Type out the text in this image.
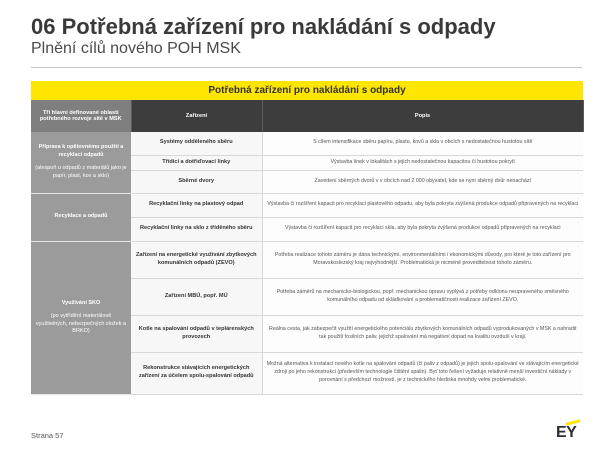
06 Potřebná zařízení pro nakládání s odpady
Plnění cílů nového POH MSK
Potřebná zařízení pro nakládání s odpady
Tři hlavní definované oblasti potřebného rozvoje sítě v MSK	Zařízení	Popis

Příprava k opětovnému použití a recyklaci odpadů
(alespoň u odpadů z materiálů jako je papír, plast, kov a sklo)	Systémy odděleného sběru	S cílem intensifikace sběru papíru, plastu, kovů a skla v obcích s nedostatečnou hustotou sítě
	Třídicí a dotřiďovací linky	Výstavba linek v lokalitách s jejich nedostatečnou kapacitou či hustotou pokrytí
	Sběrné dvory	Zavedení sběrných dvorů v v obcích nad 2 000 obyvatel, kde se nyní sběrný dvůr nenachází

Recyklace a odpadů	Recyklační linky na plastový odpad	Výstavba či rozšíření kapacit pro recyklaci plastového odpadu, aby byla pokryta zvýšená produkce odpadů připravených na recyklaci
	Recyklační linky na sklo z tříděného sběru	Výstavba či rozšíření kapacit pro recyklaci skla, aby byla pokryta zvýšená produkce odpadů připravených na recyklaci

Využívání SKO
(po vytřídění materiálově využitelných, nebezpečných složek a BRKO)	Zařízení na energetické využívání zbytkových komunálních odpadů (ZEVO)	Potřeba realizace tohoto záměru je dána technickými, environmentálními i ekonomickými důvody, pro které je toto zařízení pro Moravskoslezský kraj nejvýhodnější. Problematická je nicméně proveditelnost tohoto záměru.
	Zařízení MBÚ, popř. MÚ	Potřeba záměrů na mechanicko-biologickou, popř. mechanickou úpravu vyplývá z potřeby odklonu neupraveného směsného komunálního odpadu od skládkování a problematičnosti realizace zařízení ZEVO.
	Kotle na spalování odpadů v teplárenských provozech	Reálna cesta, jak zabezpečit využití energetického potenciálu zbytkových komunálních odpadů vyprodukovaných v MSK a nahradit tak použití fosilních paliv, jejichž spalování má negativní dopad na kvalitu ovzduší v kraji.
	Rekonstrukce stávajících energetických zařízení za účelem spolu-spalování odpadů	Možná alternativa k instalaci nového kotle na spalování odpadů (či paliv z odpadů) je jejich spolu-spalování ve stávajícím energetické zdroji po jeho rekonstrukci (především technologie čištění spalin). Byť toto řešení vyžaduje relativně menší investiční náklady v porovnání s předchozí možností, je z technického hlediska mnohdy velmi problematické.
Strana 57	EY
